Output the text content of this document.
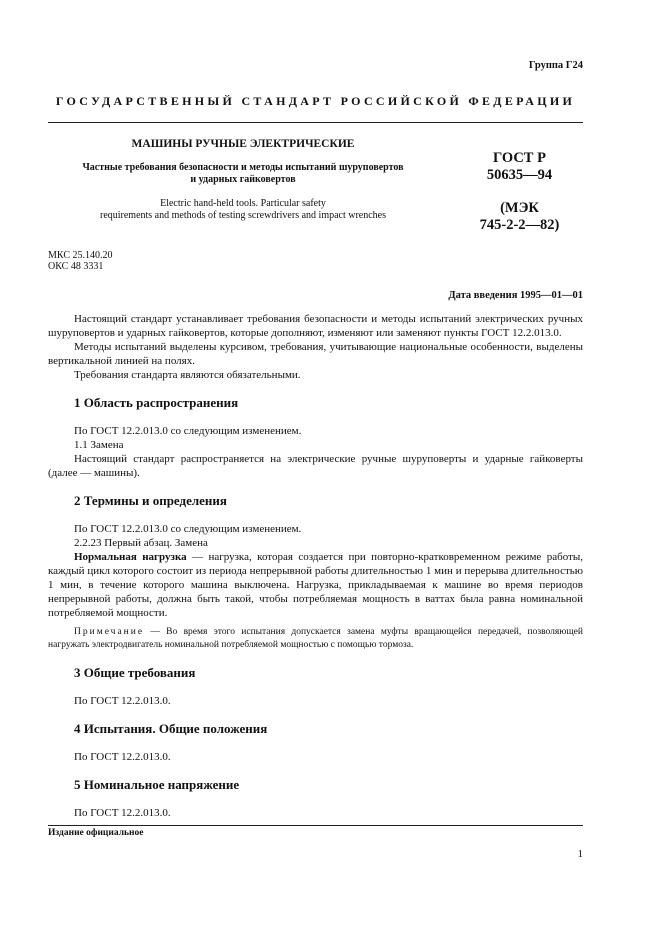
Группа Г24
ГОСУДАРСТВЕННЫЙ СТАНДАРТ РОССИЙСКОЙ ФЕДЕРАЦИИ
МАШИНЫ РУЧНЫЕ ЭЛЕКТРИЧЕСКИЕ
Частные требования безопасности и методы испытаний шуруповертов
и ударных гайковертов
Electric hand-held tools. Particular safety
requirements and methods of testing screwdrivers and impact wrenches
ГОСТ Р
50635—94
(МЭК
745-2-2—82)
МКС 25.140.20
ОКС 48 3331
Дата введения 1995—01—01

Настоящий стандарт устанавливает требования безопасности и методы испытаний электрических ручных шуруповертов и ударных гайковертов, которые дополняют, изменяют или заменяют пункты ГОСТ 12.2.013.0.

Методы испытаний выделены курсивом, требования, учитывающие национальные особенности, выделены вертикальной линией на полях.

Требования стандарта являются обязательными.

1 Область распространения

По ГОСТ 12.2.013.0 со следующим изменением.

1.1 Замена

Настоящий стандарт распространяется на электрические ручные шуруповерты и ударные гайковерты (далее — машины).

2 Термины и определения

По ГОСТ 12.2.013.0 со следующим изменением.

2.2.23 Первый абзац. Замена

Нормальная нагрузка — нагрузка, которая создается при повторно-кратковременном режиме работы, каждый цикл которого состоит из периода непрерывной работы длительностью 1 мин и перерыва длительностью 1 мин, в течение которого машина выключена. Нагрузка, прикладываемая к машине во время периодов непрерывной работы, должна быть такой, чтобы потребляемая мощность в ваттах была равна номинальной потребляемой мощности.

Примечание — Во время этого испытания допускается замена муфты вращающейся передачей, позволяющей нагружать электродвигатель номинальной потребляемой мощностью с помощью тормоза.

3 Общие требования

По ГОСТ 12.2.013.0.

4 Испытания. Общие положения

По ГОСТ 12.2.013.0.

5 Номинальное напряжение

По ГОСТ 12.2.013.0.

Издание официальное
1
